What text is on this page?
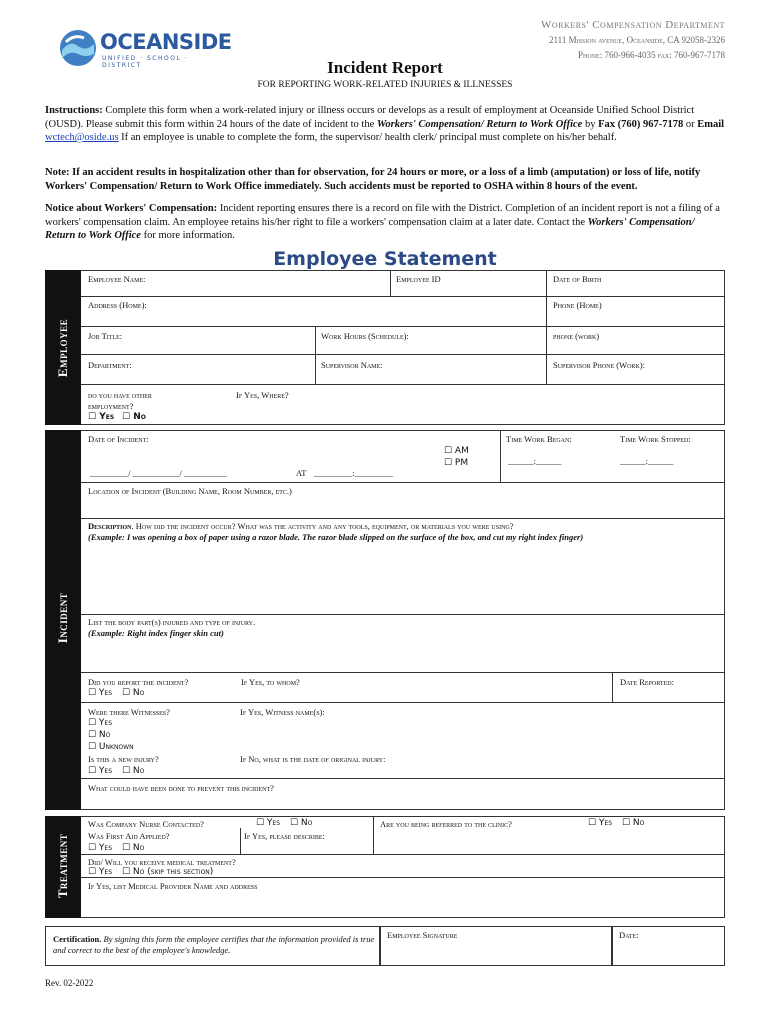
OCEANSIDE
UNIFIED · SCHOOL · DISTRICT
Workers' Compensation Department
2111 Mission avenue, Oceanside, CA 92058-2326
Phone: 760-966-4035 fax: 760-967-7178
Incident Report
FOR REPORTING WORK-RELATED INJURIES & ILLNESSES
Instructions: Complete this form when a work-related injury or illness occurs or develops as a result of employment at Oceanside Unified School District (OUSD). Please submit this form within 24 hours of the date of incident to the Workers' Compensation/ Return to Work Office by Fax (760) 967-7178 or Email wctech@oside.us If an employee is unable to complete the form, the supervisor/ health clerk/ principal must complete on his/her behalf.
Note: If an accident results in hospitalization other than for observation, for 24 hours or more, or a loss of a limb (amputation) or loss of life, notify Workers' Compensation/ Return to Work Office immediately. Such accidents must be reported to OSHA within 8 hours of the event.
Notice about Workers' Compensation: Incident reporting ensures there is a record on file with the District. Completion of an incident report is not a filing of a workers' compensation claim. An employee retains his/her right to file a workers' compensation claim at a later date. Contact the Workers' Compensation/ Return to Work Office for more information.
Employee Statement
Employee
Employee Name:	Employee ID	Date of Birth
Address (Home):	Phone (Home)
Job Title:	Work Hours (Schedule):	phone (work)
Department:	Supervisor Name:	Supervisor Phone (Work):
do you have other employment?
☐ Yes ☐ No
If Yes, Where?
Incident
Date of Incident:
☐ AM
☐ PM
_________/ ___________/ __________	AT _________:_________
Time Work Began:	Time Work Stopped:
______:______	______:______
Location of Incident (Building Name, Room Number, etc.)
Description. How did the incident occur? What was the activity and any tools, equipment, or materials you were using?
(Example: I was opening a box of paper using a razor blade. The razor blade slipped on the surface of the box, and cut my right index finger)
List the body part(s) injured and type of injury.
(Example: Right index finger skin cut)
Did you report the incident?
☐ Yes ☐ No
If Yes, to whom?	Date Reported:
Were there Witnesses?
☐ Yes
☐ No
☐ Unknown
If Yes, Witness name(s):
Is this a new injury?
☐ Yes ☐ No
If No, what is the date of original injury:
What could have been done to prevent this incident?
Treatment
Was Company Nurse Contacted?	☐ Yes ☐ No	Are you being referred to the clinic?	☐ Yes ☐ No
Was First Aid Applied?
☐ Yes ☐ No
If Yes, please describe:
Did/ Will you receive medical treatment?
☐ Yes ☐ No (skip this section)
If Yes, list Medical Provider Name and address
Certification. By signing this form the employee certifies that the information provided is true and correct to the best of the employee's knowledge.
Employee Signature	Date:
Rev. 02-2022
